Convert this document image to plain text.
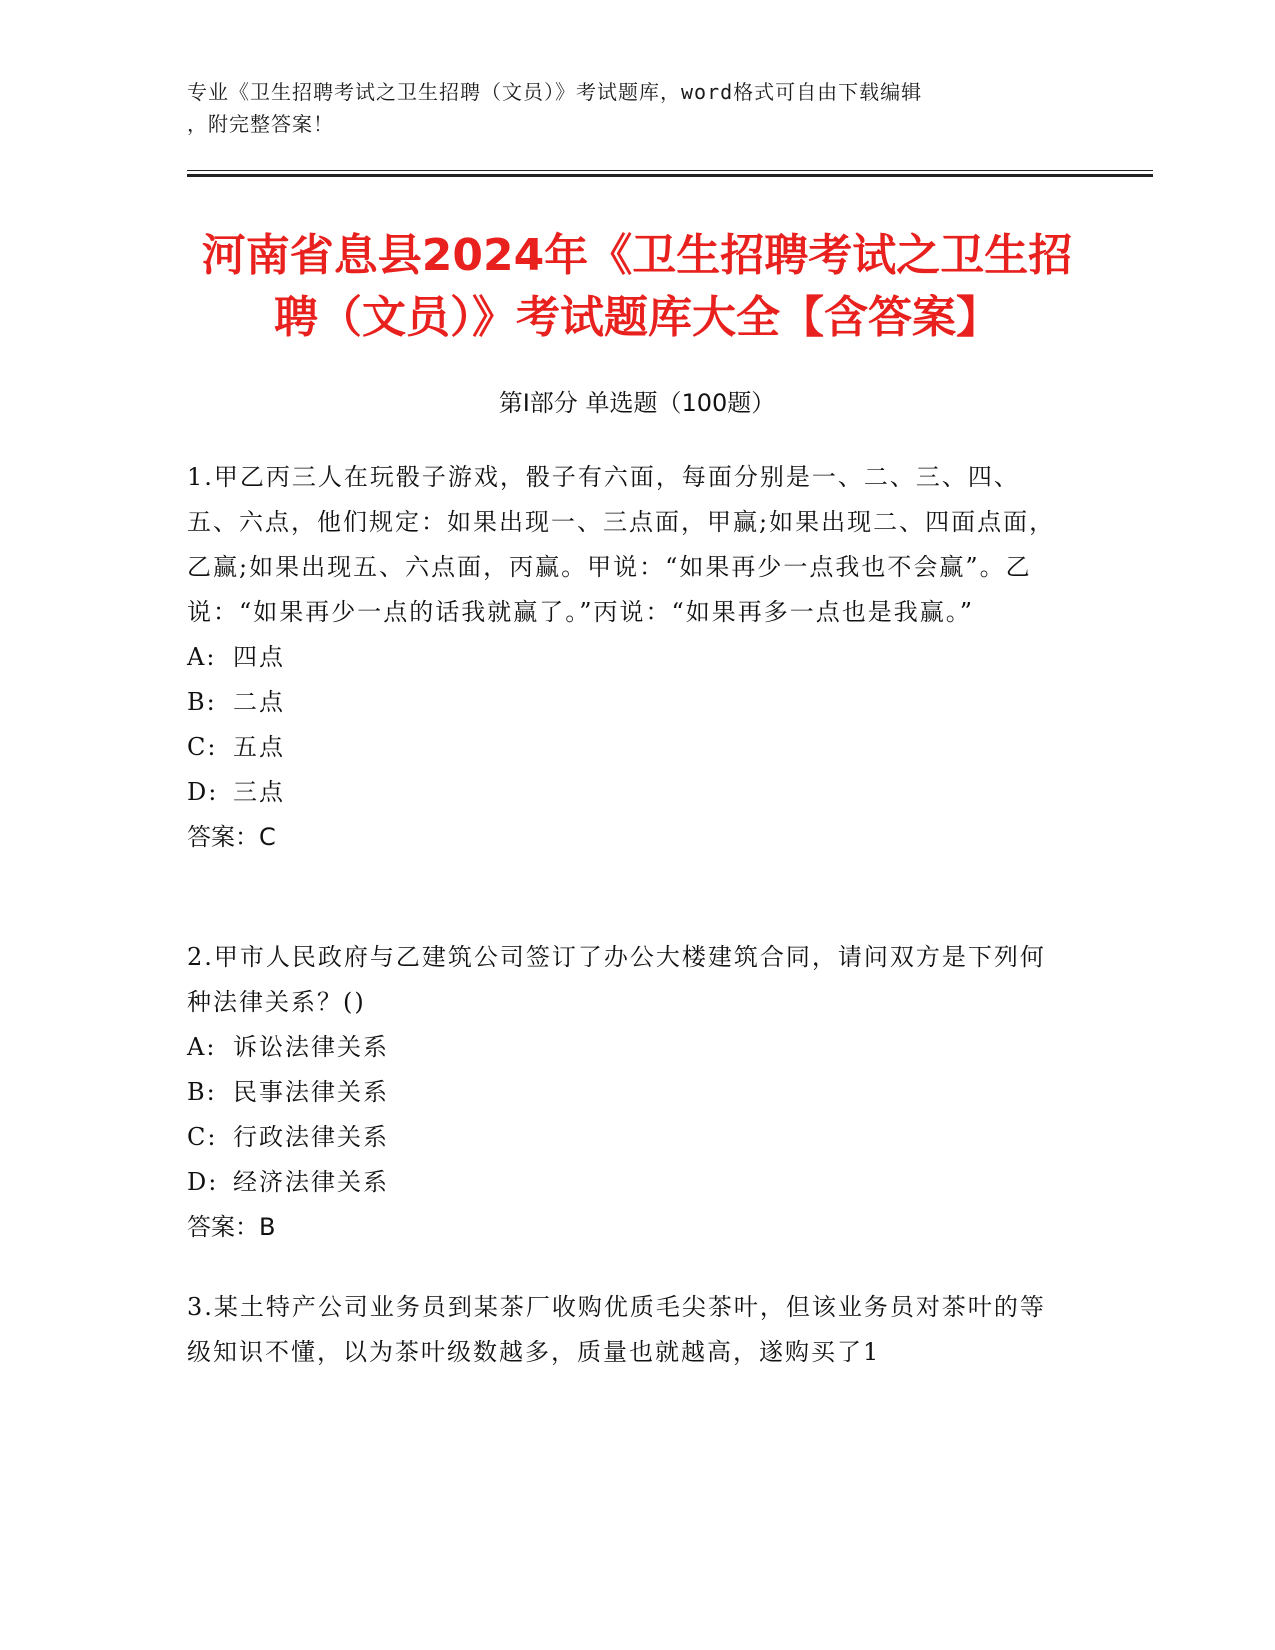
专业《卫生招聘考试之卫生招聘（文员）》考试题库，word格式可自由下载编辑
，附完整答案！
河南省息县2024年《卫生招聘考试之卫生招
聘（文员）》考试题库大全【含答案】
第Ⅰ部分 单选题（100题）

1.甲乙丙三人在玩骰子游戏，骰子有六面，每面分别是一、二、三、四、五、六点，他们规定：如果出现一、三点面，甲赢;如果出现二、四面点面，乙赢;如果出现五、六点面，丙赢。甲说：“如果再少一点我也不会赢”。乙说：“如果再少一点的话我就赢了。”丙说：“如果再多一点也是我赢。”

A: 四点
B: 二点
C: 五点
D: 三点

答案：C

2.甲市人民政府与乙建筑公司签订了办公大楼建筑合同，请问双方是下列何种法律关系？()

A: 诉讼法律关系
B: 民事法律关系
C: 行政法律关系
D: 经济法律关系

答案：B

3.某土特产公司业务员到某茶厂收购优质毛尖茶叶，但该业务员对茶叶的等级知识不懂，以为茶叶级数越多，质量也就越高，遂购买了1
